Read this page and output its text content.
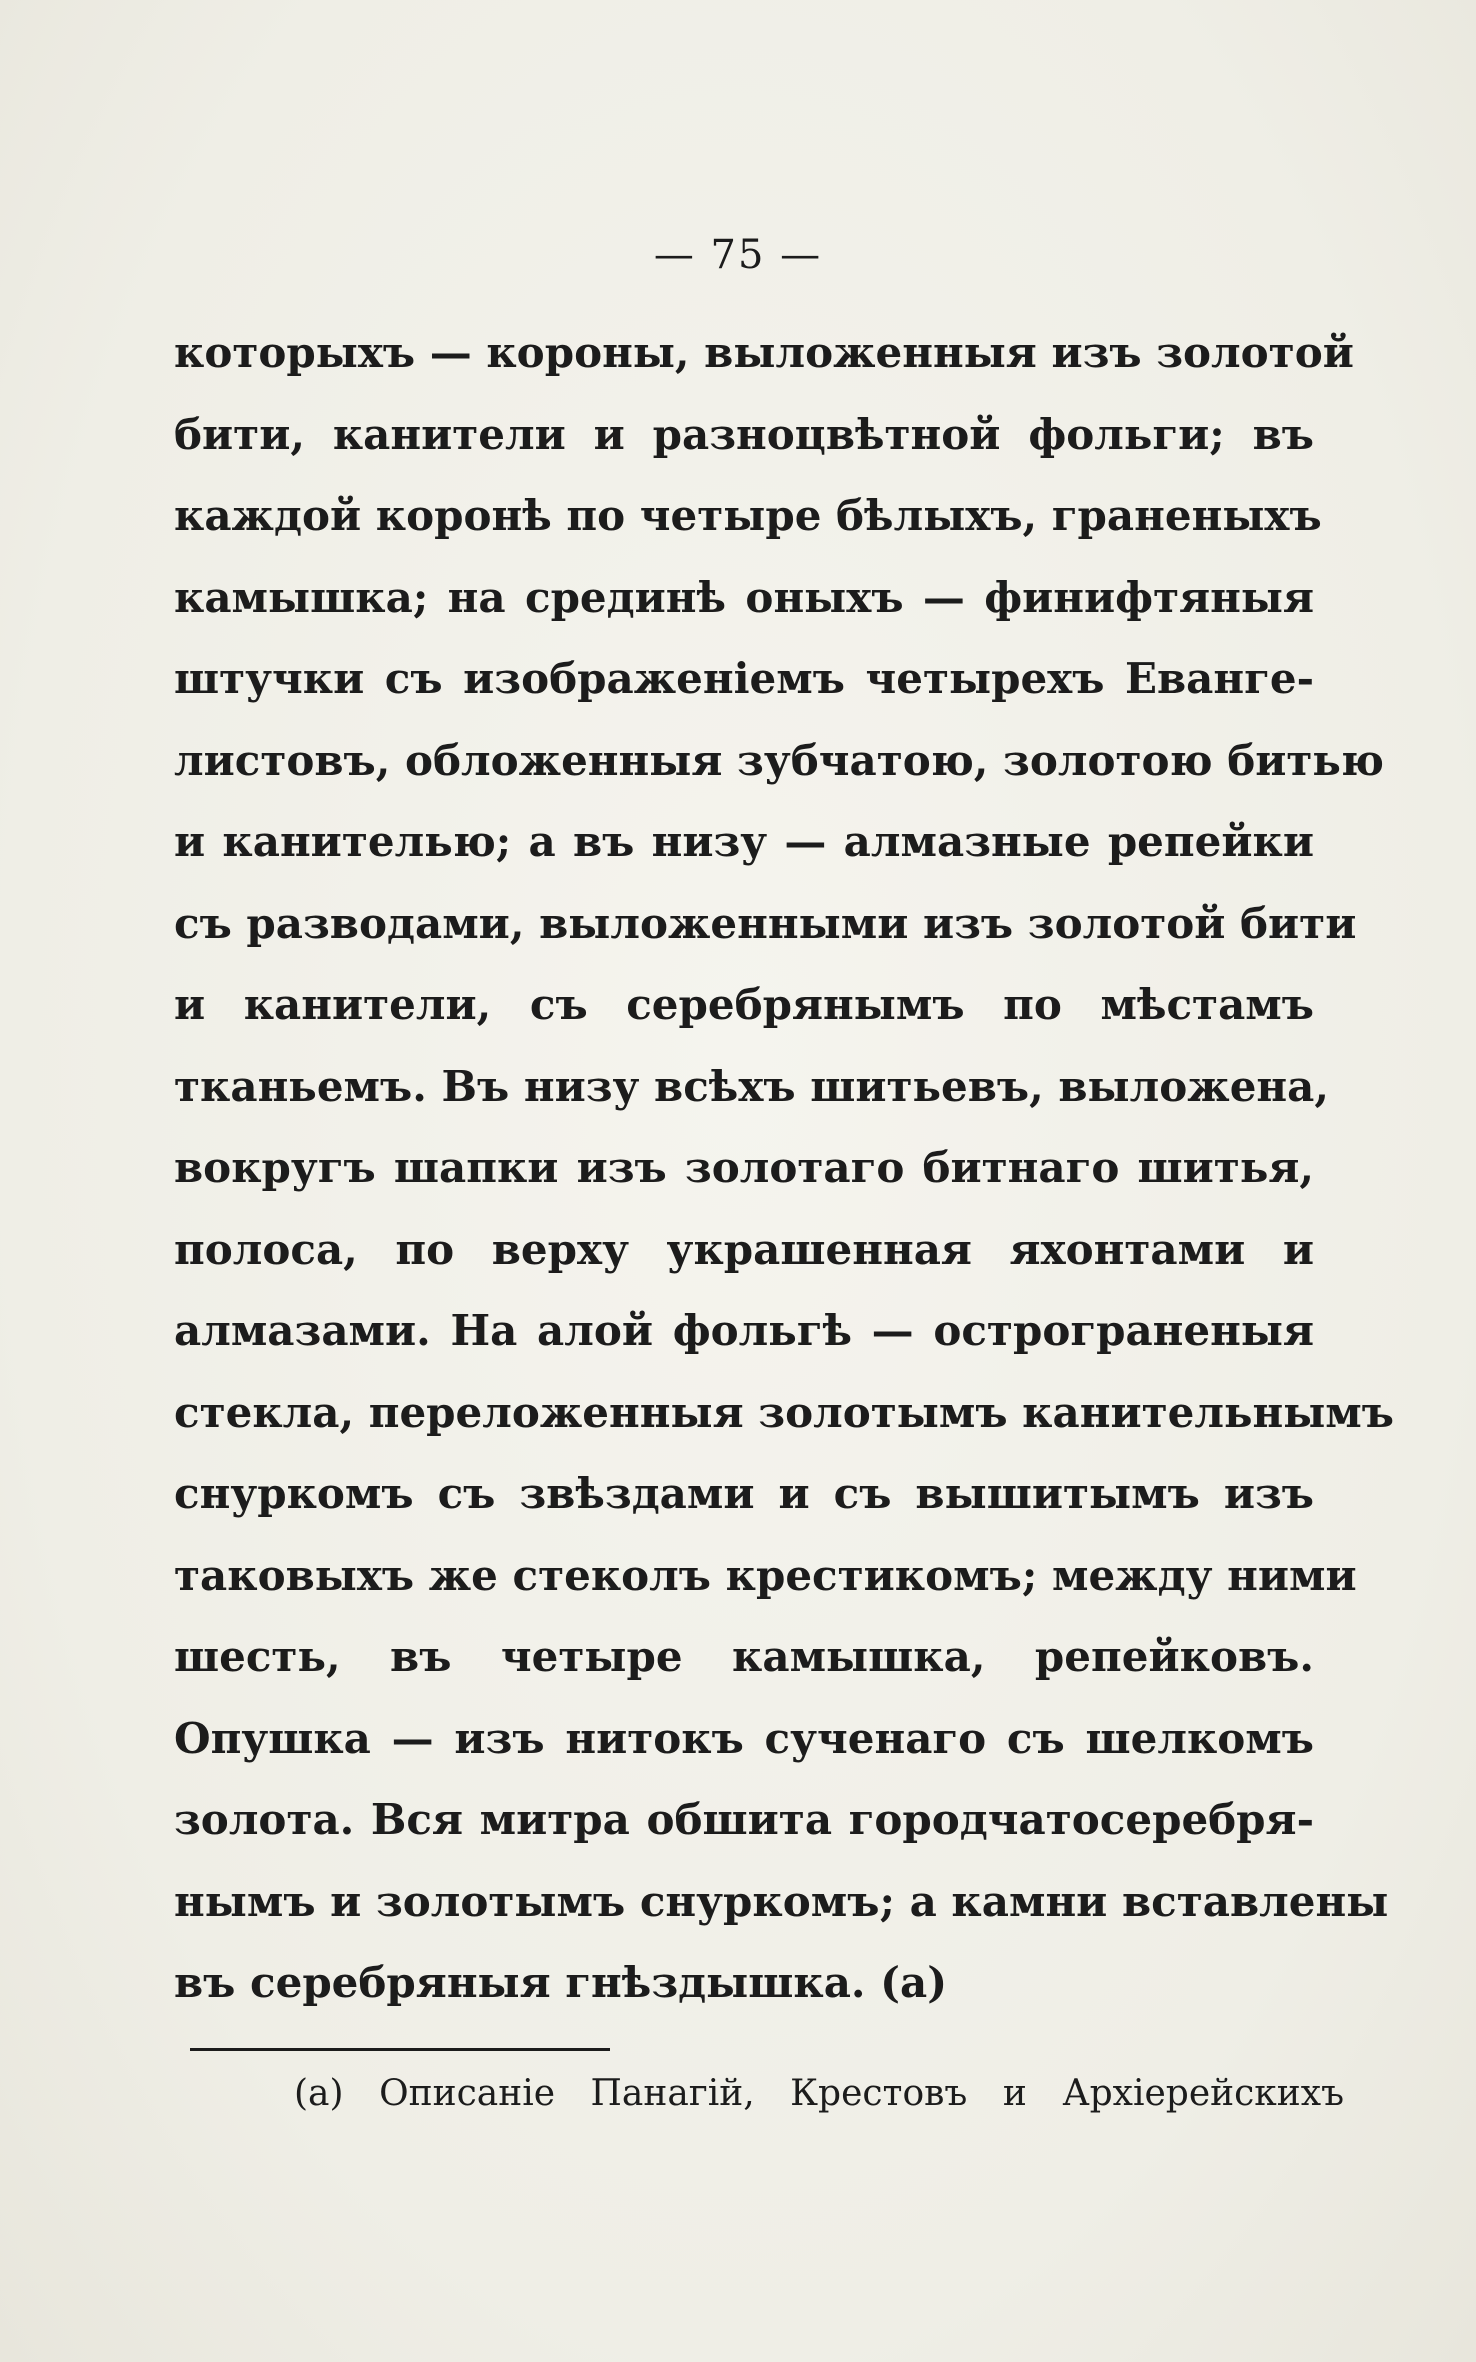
— 75 —
которыхъ — короны, выложенныя изъ золотой
бити, канители и разноцвѣтной фольги; въ
каждой коронѣ по четыре бѣлыхъ, граненыхъ
камышка; на срединѣ оныхъ — финифтяныя
штучки съ изображенiемъ четырехъ Еванге-
листовъ, обложенныя зубчатою, золотою битью
и канителью; а въ низу — алмазные репейки
съ разводами, выложенными изъ золотой бити
и канители, съ серебрянымъ по мѣстамъ
тканьемъ. Въ низу всѣхъ шитьевъ, выложена,
вокругъ шапки изъ золотаго битнаго шитья,
полоса, по верху украшенная яхонтами и
алмазами. На алой фольгѣ — острограненыя
стекла, переложенныя золотымъ канительнымъ
снуркомъ съ звѣздами и съ вышитымъ изъ
таковыхъ же стеколъ крестикомъ; между ними
шесть, въ четыре камышка, репейковъ.
Опушка — изъ нитокъ сученаго съ шелкомъ
золота. Вся митра обшита городчатосеребря-
нымъ и золотымъ снуркомъ; а камни вставлены
въ серебряныя гнѣздышка. (а)
(а) Описанiе Панагiй, Крестовъ и Архiерейскихъ
